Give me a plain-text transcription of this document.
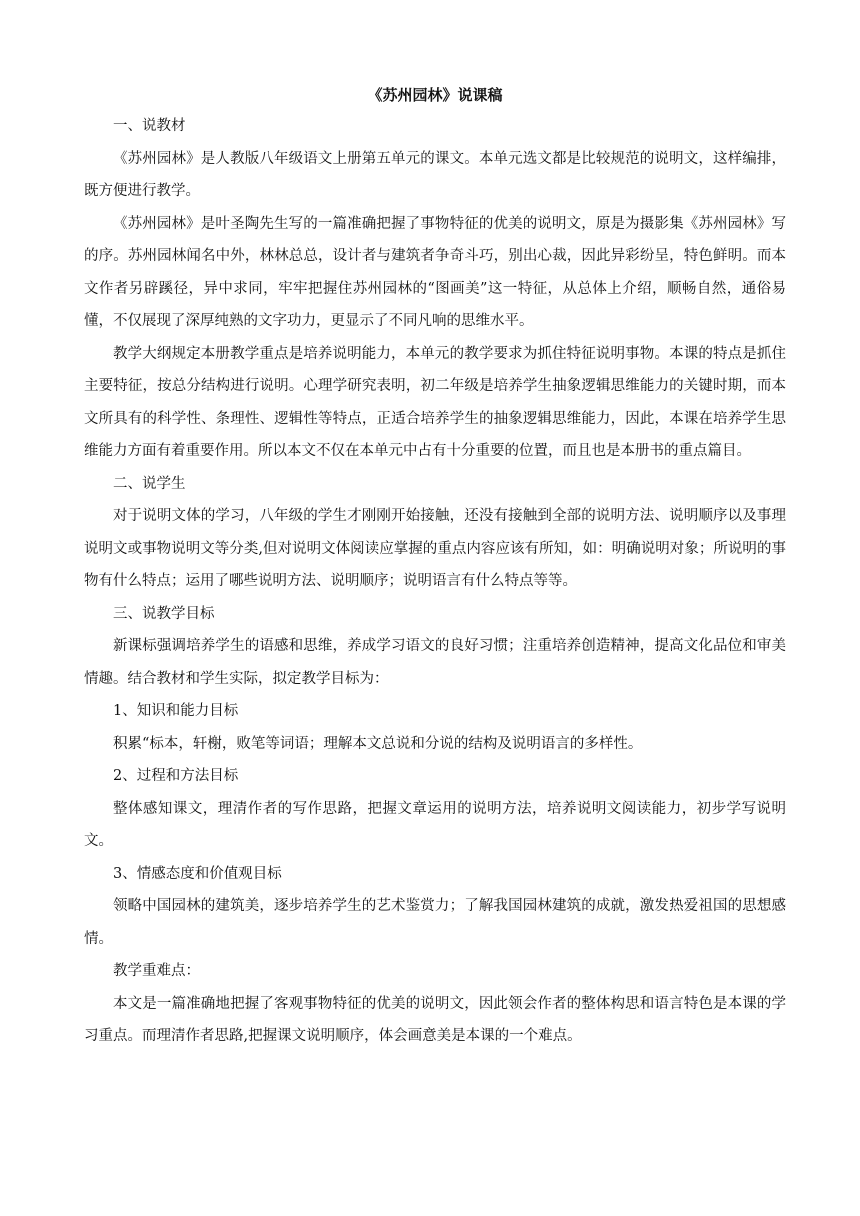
《苏州园林》说课稿

一、说教材

《苏州园林》是人教版八年级语文上册第五单元的课文。本单元选文都是比较规范的说明文，这样编排，既方便进行教学。

《苏州园林》是叶圣陶先生写的一篇准确把握了事物特征的优美的说明文，原是为摄影集《苏州园林》写的序。苏州园林闻名中外，林林总总，设计者与建筑者争奇斗巧，别出心裁，因此异彩纷呈，特色鲜明。而本文作者另辟蹊径，异中求同，牢牢把握住苏州园林的“图画美”这一特征，从总体上介绍，顺畅自然，通俗易懂，不仅展现了深厚纯熟的文字功力，更显示了不同凡响的思维水平。

教学大纲规定本册教学重点是培养说明能力，本单元的教学要求为抓住特征说明事物。本课的特点是抓住主要特征，按总分结构进行说明。心理学研究表明，初二年级是培养学生抽象逻辑思维能力的关键时期，而本文所具有的科学性、条理性、逻辑性等特点，正适合培养学生的抽象逻辑思维能力，因此，本课在培养学生思维能力方面有着重要作用。所以本文不仅在本单元中占有十分重要的位置，而且也是本册书的重点篇目。

二、说学生

对于说明文体的学习，八年级的学生才刚刚开始接触，还没有接触到全部的说明方法、说明顺序以及事理说明文或事物说明文等分类,但对说明文体阅读应掌握的重点内容应该有所知，如：明确说明对象；所说明的事物有什么特点；运用了哪些说明方法、说明顺序；说明语言有什么特点等等。

三、说教学目标

新课标强调培养学生的语感和思维，养成学习语文的良好习惯；注重培养创造精神，提高文化品位和审美情趣。结合教材和学生实际，拟定教学目标为：

1、知识和能力目标

积累“标本，轩榭，败笔等词语；理解本文总说和分说的结构及说明语言的多样性。

2、过程和方法目标

整体感知课文，理清作者的写作思路，把握文章运用的说明方法，培养说明文阅读能力，初步学写说明文。

3、情感态度和价值观目标

领略中国园林的建筑美，逐步培养学生的艺术鉴赏力；了解我国园林建筑的成就，激发热爱祖国的思想感情。

教学重难点：

本文是一篇准确地把握了客观事物特征的优美的说明文，因此领会作者的整体构思和语言特色是本课的学习重点。而理清作者思路,把握课文说明顺序，体会画意美是本课的一个难点。
